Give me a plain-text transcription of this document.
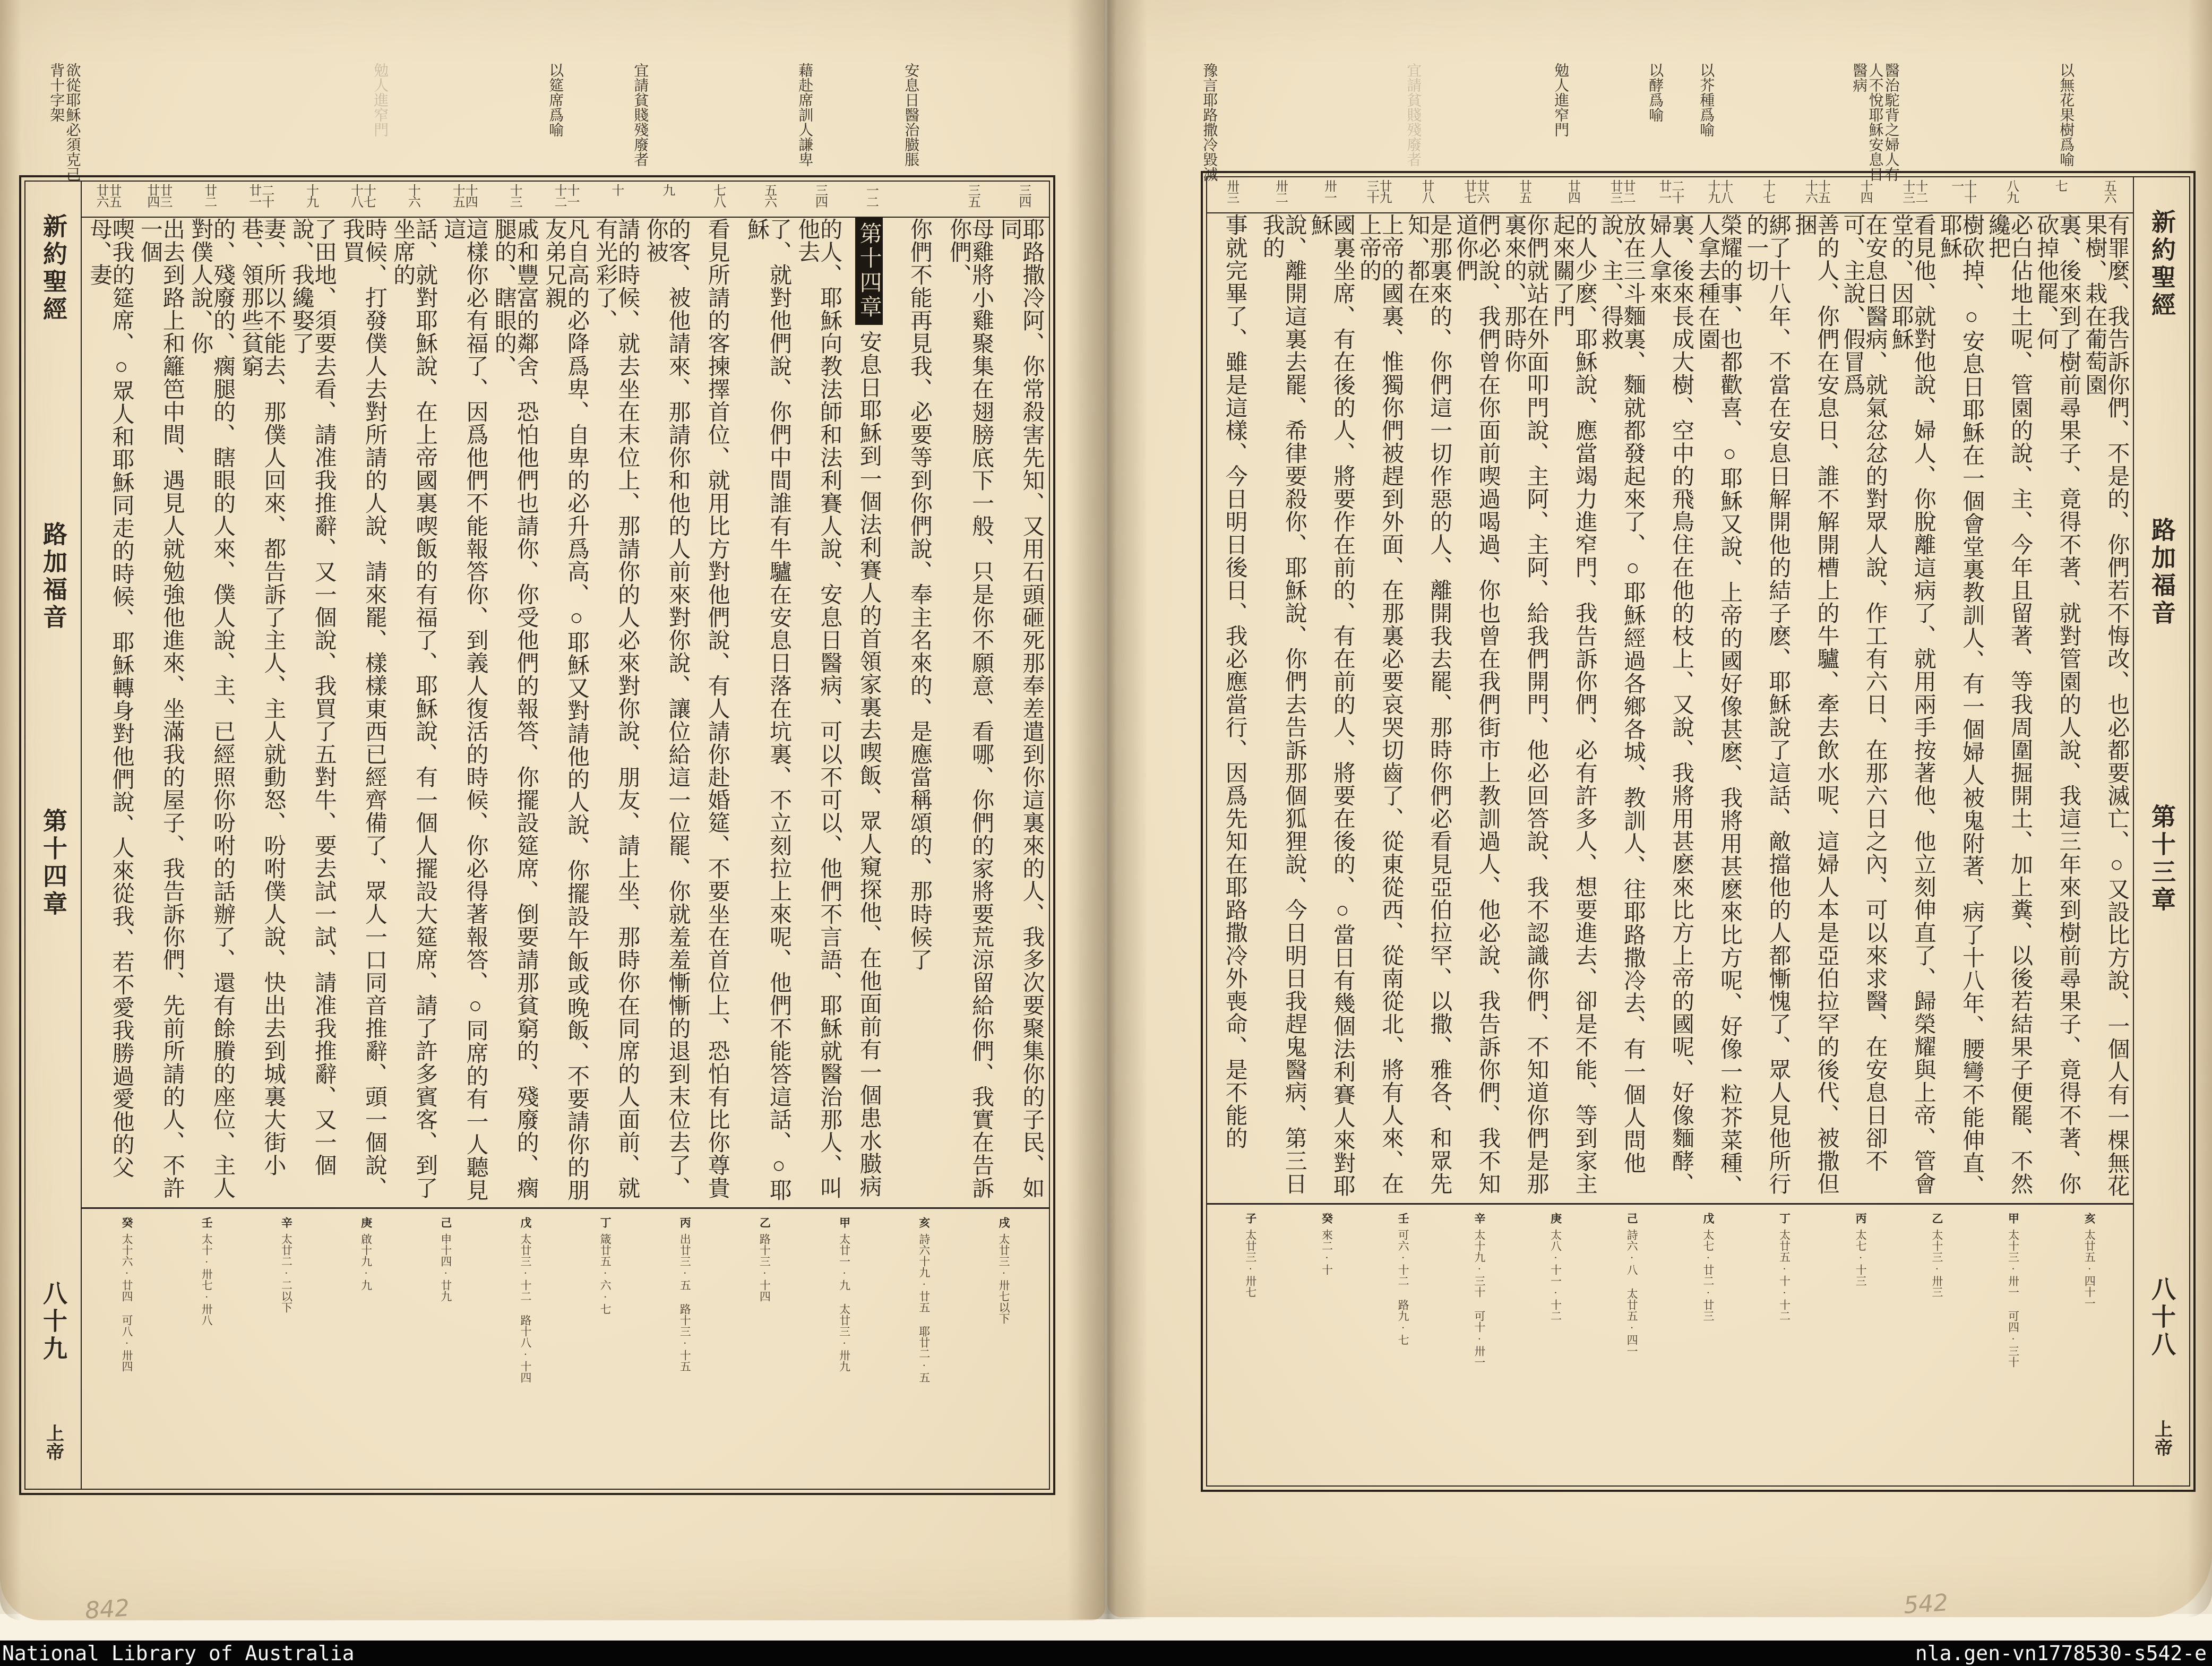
安息日醫治臌脹
藉赴席訓人謙卑
宜請貧賤殘廢者
以筵席爲喻
勉人進窄門
欲從耶穌必須克己背十字架
新約聖經
路加福音
第十四章
八十九
上帝
三四
三五
一二
三四
五六
七八
九
十
十一十二
十三
十四十五
十六
十七十八
十九
二十廿一
廿二
廿三廿四
廿五廿六
耶路撒冷阿、你常殺害先知、又用石頭砸死那奉差遣到你這裏來的人、我多次要聚集你的子民、如同
母雞將小雞聚集在翅膀底下一般、只是你不願意、看哪、你們的家將要荒涼留給你們、我實在告訴你們、
你們不能再見我、必要等到你們說、奉主名來的、是應當稱頌的、那時候了
第十四章安息日耶穌到一個法利賽人的首領家裏去喫飯、眾人窺探他、在他面前有一個患水臌病
的人、耶穌向教法師和法利賽人說、安息日醫病、可以不可以、他們不言語、耶穌就醫治那人、叫他去
了、就對他們說、你們中間誰有牛驢在安息日落在坑裏、不立刻拉上來呢、他們不能答這話、○耶穌
看見所請的客揀擇首位、就用比方對他們說、有人請你赴婚筵、不要坐在首位上、恐怕有比你尊貴
的客、被他請來、那請你和他的人前來對你說、讓位給這一位罷、你就羞羞慚慚的退到末位去了、你被
請的時候、就去坐在末位上、那請你的人必來對你說、朋友、請上坐、那時你在同席的人面前、就有光彩了、
凡自高的必降爲卑、自卑的必升爲高、○耶穌又對請他的人說、你擺設午飯或晚飯、不要請你的朋友弟兄親
戚和豐富的鄰舍、恐怕他們也請你、你受他們的報答、你擺設筵席、倒要請那貧窮的、殘廢的、瘸腿的、瞎眼的、
這樣你必有福了、因爲他們不能報答你、到義人復活的時候、你必得著報答、○同席的有一人聽見這
話、就對耶穌說、在上帝國裏喫飯的有福了、耶穌說、有一個人擺設大筵席、請了許多賓客、到了坐席的
時候、打發僕人去對所請的人說、請來罷、樣樣東西已經齊備了、眾人一口同音推辭、頭一個說、我買
了田地、須要去看、請准我推辭、又一個說、我買了五對牛、要去試一試、請准我推辭、又一個說、我纔娶了
妻、所以不能去、那僕人回來、都告訴了主人、主人就動怒、吩咐僕人說、快出去到城裏大街小巷、領那些貧窮
的、殘廢的、瘸腿的、瞎眼的人來、僕人說、主、已經照你吩咐的話辦了、還有餘賸的座位、主人對僕人說、你
出去到路上和籬笆中間、遇見人就勉強他進來、坐滿我的屋子、我告訴你們、先前所請的人、不許一個
喫我的筵席、○眾人和耶穌同走的時候、耶穌轉身對他們說、人來從我、若不愛我勝過愛他的父母、妻
戌太廿三·卅七以下
亥詩六十九·廿五 耶廿二·五
甲太廿一·九 太廿三·卅九
乙路十三·十四
丙出廿三·五 路十三·十五
丁箴廿五·六·七
戊太廿三·十二 路十八·十四
己申十四·廿九
庚啟十九·九
辛太廿二·二以下
壬太十·卅七·卅八
癸太十六·廿四 可八·卅四
842
以無花果樹爲喻
醫治駝背之婦人有人不悅耶穌安息日醫病
以芥種爲喻
以酵爲喻
勉人進窄門
宜請貧賤殘廢者
豫言耶路撒冷毀滅
新約聖經
路加福音
第十三章
八十八
上帝
五六
七
八九
十十一
十二十三
十四
十五十六
十七
十八十九
二十廿一
廿二廿三
廿四
廿五
廿六廿七
廿八
廿九三十
卅一
卅二
卅三
有罪麼、我告訴你們、不是的、你們若不悔改、也必都要滅亡、○又設比方說、一個人有一棵無花果樹、栽在葡萄園
裏、後來到了樹前尋果子、竟得不著、就對管園的人說、我這三年來到樹前尋果子、竟得不著、你砍掉他罷、何
必白佔地土呢、管園的說、主、今年且留著、等我周圍掘開土、加上糞、以後若結果子便罷、不然纔把
樹砍掉、○安息日耶穌在一個會堂裏教訓人、有一個婦人被鬼附著、病了十八年、腰彎不能伸直、耶穌
看見他、就對他說、婦人、你脫離這病了、就用兩手按著他、他立刻伸直了、歸榮耀與上帝、管會堂的、因耶穌
在安息日醫病、就氣忿忿的對眾人說、作工有六日、在那六日之內、可以來求醫、在安息日卻不可、主說、假冒爲
善的人、你們在安息日、誰不解開槽上的牛驢、牽去飲水呢、這婦人本是亞伯拉罕的後代、被撒但捆
綁了十八年、不當在安息日解開他的結子麽、耶穌說了這話、敵擋他的人都慚愧了、眾人見他所行的一切
榮耀的事、也都歡喜、○耶穌又說、上帝的國好像甚麽、我將用甚麽來比方呢、好像一粒芥菜種、人拿去種在園
裏、後來長成大樹、空中的飛鳥住在他的枝上、又說、我將用甚麽來比方上帝的國呢、好像麵酵、婦人拿來
放在三斗麵裏、麵就都發起來了、○耶穌經過各鄉各城、教訓人、往耶路撒冷去、有一個人問他說、主、得救
的人少麽、耶穌說、應當竭力進窄門、我告訴你們、必有許多人、想要進去、卻是不能、等到家主起來關了門
你們就站在外面叩門說、主阿、主阿、給我們開門、他必回答說、我不認識你們、不知道你們是那裏來的、那時你
們必說、我們曾在你面前喫過喝過、你也曾在我們街市上教訓過人、他必說、我告訴你們、我不知道你們
是那裏來的、你們這一切作惡的人、離開我去罷、那時你們必看見亞伯拉罕、以撒、雅各、和眾先知、都在
上帝的國裏、惟獨你們被趕到外面、在那裏必要哀哭切齒了、從東從西、從南從北、將有人來、在上帝的
國裏坐席、有在後的人、將要作在前的、有在前的人、將要在後的、○當日有幾個法利賽人來對耶穌
說、離開這裏去罷、希律要殺你、耶穌說、你們去告訴那個狐狸說、今日明日我趕鬼醫病、第三日我的
事就完畢了、雖是這樣、今日明日後日、我必應當行、因爲先知在耶路撒冷外喪命、是不能的
亥太廿五·四十一
甲太十三·卅一 可四·三十
乙太十三·卅三
丙太七·十三
丁太廿五·十·十二
戊太七·廿二·廿三
己詩六·八 太廿五·四一
庚太八·十一·十二
辛太十九·三十 可十·卅一
壬可六·十二 路九·七
癸來二·十
子太廿三·卅七
542
National Library of Australia	nla.gen-vn1778530-s542-e
